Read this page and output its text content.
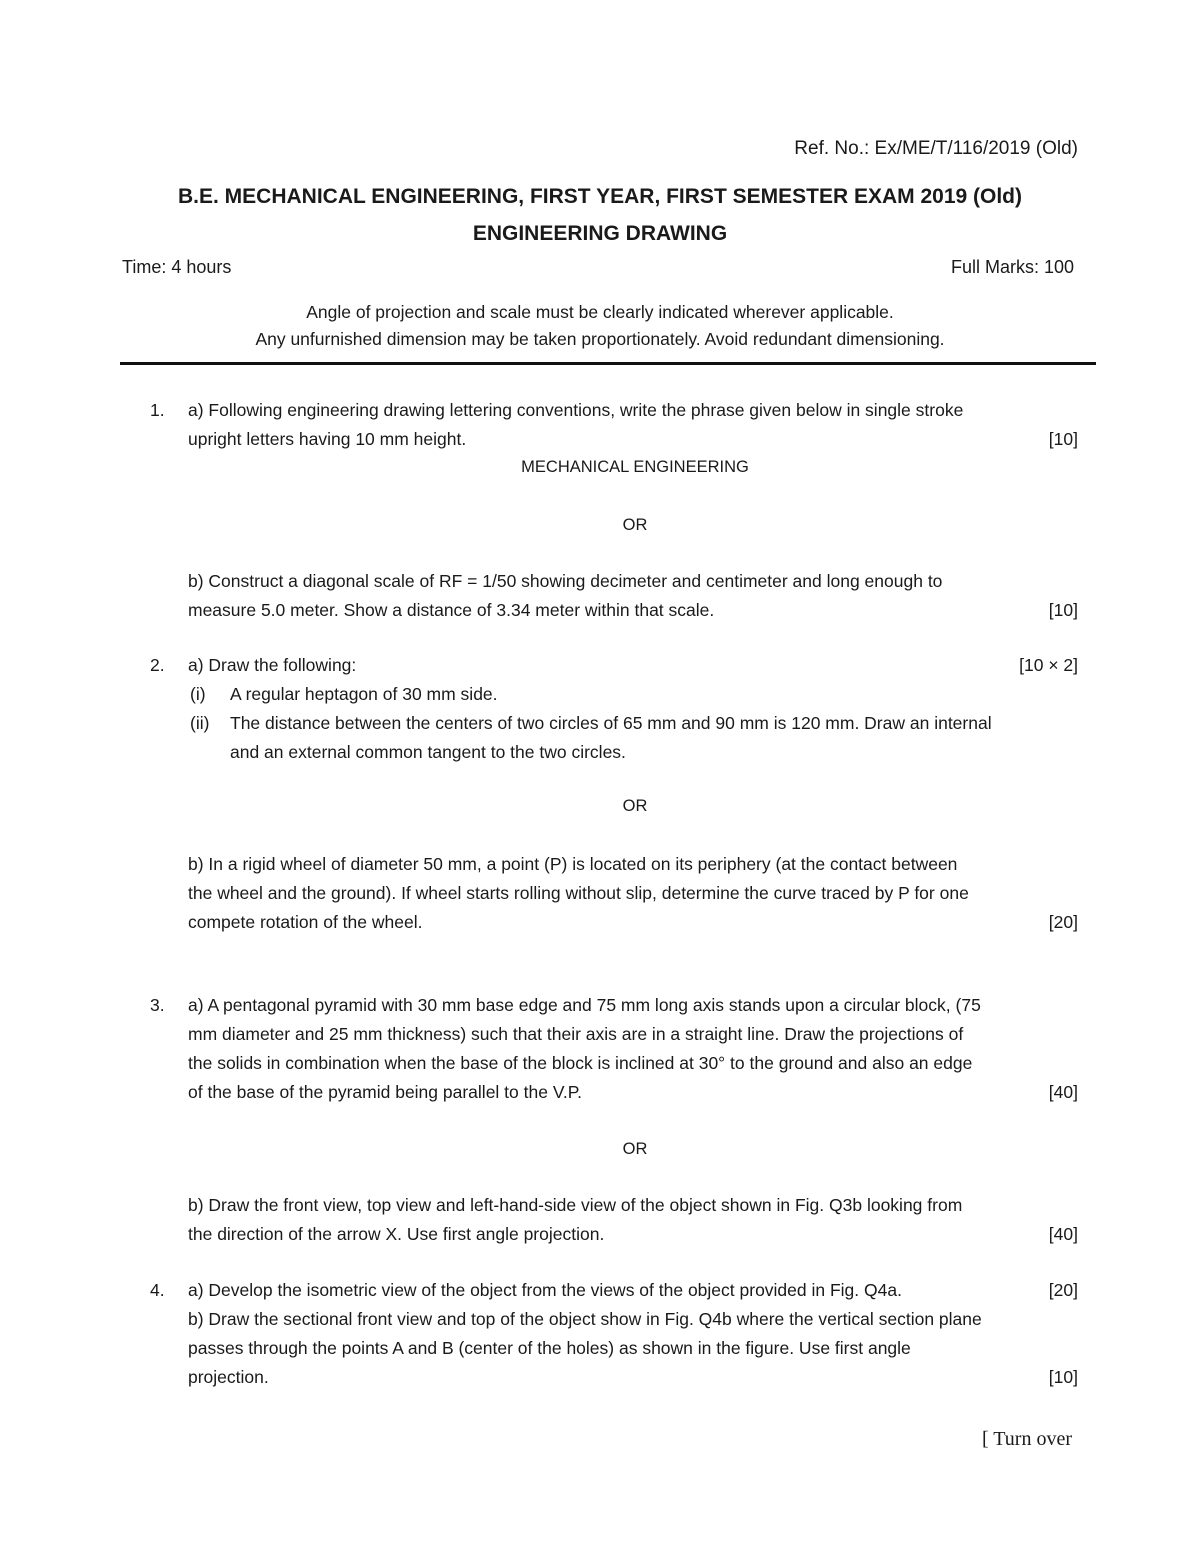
Ref. No.: Ex/ME/T/116/2019 (Old)
B.E. MECHANICAL ENGINEERING, FIRST YEAR, FIRST SEMESTER EXAM 2019 (Old)
ENGINEERING DRAWING
Time: 4 hours	Full Marks: 100
Angle of projection and scale must be clearly indicated wherever applicable.
Any unfurnished dimension may be taken proportionately. Avoid redundant dimensioning.
1. a) Following engineering drawing lettering conventions, write the phrase given below in single stroke
upright letters having 10 mm height.	[10]
MECHANICAL ENGINEERING
OR
b) Construct a diagonal scale of RF = 1/50 showing decimeter and centimeter and long enough to
measure 5.0 meter. Show a distance of 3.34 meter within that scale.	[10]
2. a) Draw the following:	[10 × 2]
(i) A regular heptagon of 30 mm side.
(ii) The distance between the centers of two circles of 65 mm and 90 mm is 120 mm. Draw an internal
and an external common tangent to the two circles.
OR
b) In a rigid wheel of diameter 50 mm, a point (P) is located on its periphery (at the contact between
the wheel and the ground). If wheel starts rolling without slip, determine the curve traced by P for one
compete rotation of the wheel.	[20]
3. a) A pentagonal pyramid with 30 mm base edge and 75 mm long axis stands upon a circular block, (75
mm diameter and 25 mm thickness) such that their axis are in a straight line. Draw the projections of
the solids in combination when the base of the block is inclined at 30° to the ground and also an edge
of the base of the pyramid being parallel to the V.P.	[40]
OR
b) Draw the front view, top view and left-hand-side view of the object shown in Fig. Q3b looking from
the direction of the arrow X. Use first angle projection.	[40]
4. a) Develop the isometric view of the object from the views of the object provided in Fig. Q4a.	[20]
b) Draw the sectional front view and top of the object show in Fig. Q4b where the vertical section plane
passes through the points A and B (center of the holes) as shown in the figure. Use first angle
projection.	[10]
[ Turn over
